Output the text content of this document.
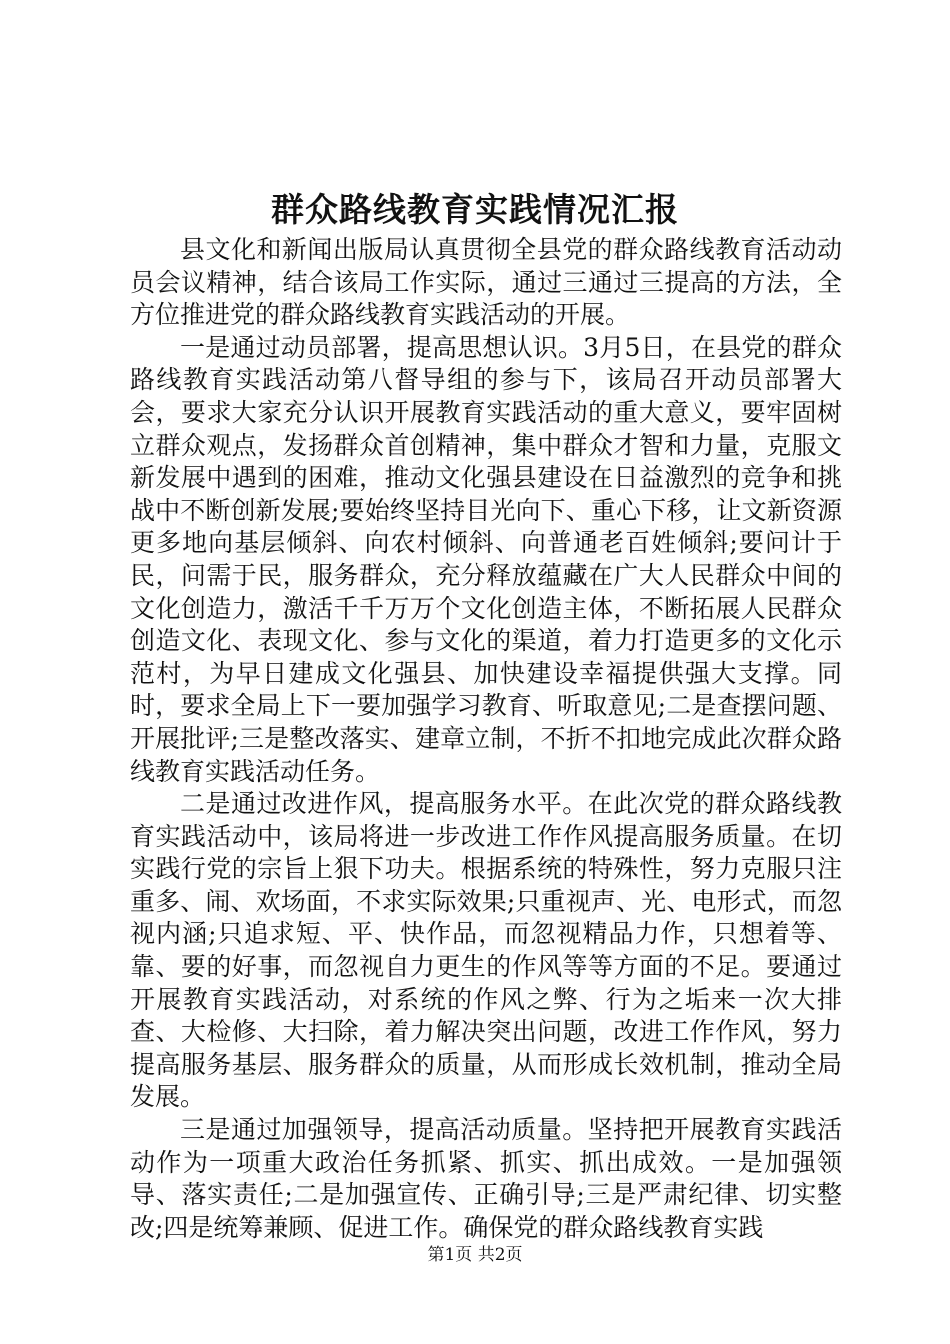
群众路线教育实践情况汇报

县文化和新闻出版局认真贯彻全县党的群众路线教育活动动员会议精神，结合该局工作实际，通过三通过三提高的方法，全方位推进党的群众路线教育实践活动的开展。

一是通过动员部署，提高思想认识。3月5日，在县党的群众路线教育实践活动第八督导组的参与下，该局召开动员部署大会，要求大家充分认识开展教育实践活动的重大意义，要牢固树立群众观点，发扬群众首创精神，集中群众才智和力量，克服文新发展中遇到的困难，推动文化强县建设在日益激烈的竞争和挑战中不断创新发展;要始终坚持目光向下、重心下移，让文新资源更多地向基层倾斜、向农村倾斜、向普通老百姓倾斜;要问计于民，问需于民，服务群众，充分释放蕴藏在广大人民群众中间的文化创造力，激活千千万万个文化创造主体，不断拓展人民群众创造文化、表现文化、参与文化的渠道，着力打造更多的文化示范村，为早日建成文化强县、加快建设幸福提供强大支撑。同时，要求全局上下一要加强学习教育、听取意见;二是查摆问题、开展批评;三是整改落实、建章立制，不折不扣地完成此次群众路线教育实践活动任务。

二是通过改进作风，提高服务水平。在此次党的群众路线教育实践活动中，该局将进一步改进工作作风提高服务质量。在切实践行党的宗旨上狠下功夫。根据系统的特殊性，努力克服只注重多、闹、欢场面，不求实际效果;只重视声、光、电形式，而忽视内涵;只追求短、平、快作品，而忽视精品力作，只想着等、靠、要的好事，而忽视自力更生的作风等等方面的不足。要通过开展教育实践活动，对系统的作风之弊、行为之垢来一次大排查、大检修、大扫除，着力解决突出问题，改进工作作风，努力提高服务基层、服务群众的质量，从而形成长效机制，推动全局发展。

三是通过加强领导，提高活动质量。坚持把开展教育实践活动作为一项重大政治任务抓紧、抓实、抓出成效。一是加强领导、落实责任;二是加强宣传、正确引导;三是严肃纪律、切实整改;四是统筹兼顾、促进工作。确保党的群众路线教育实践

第1页 共2页
